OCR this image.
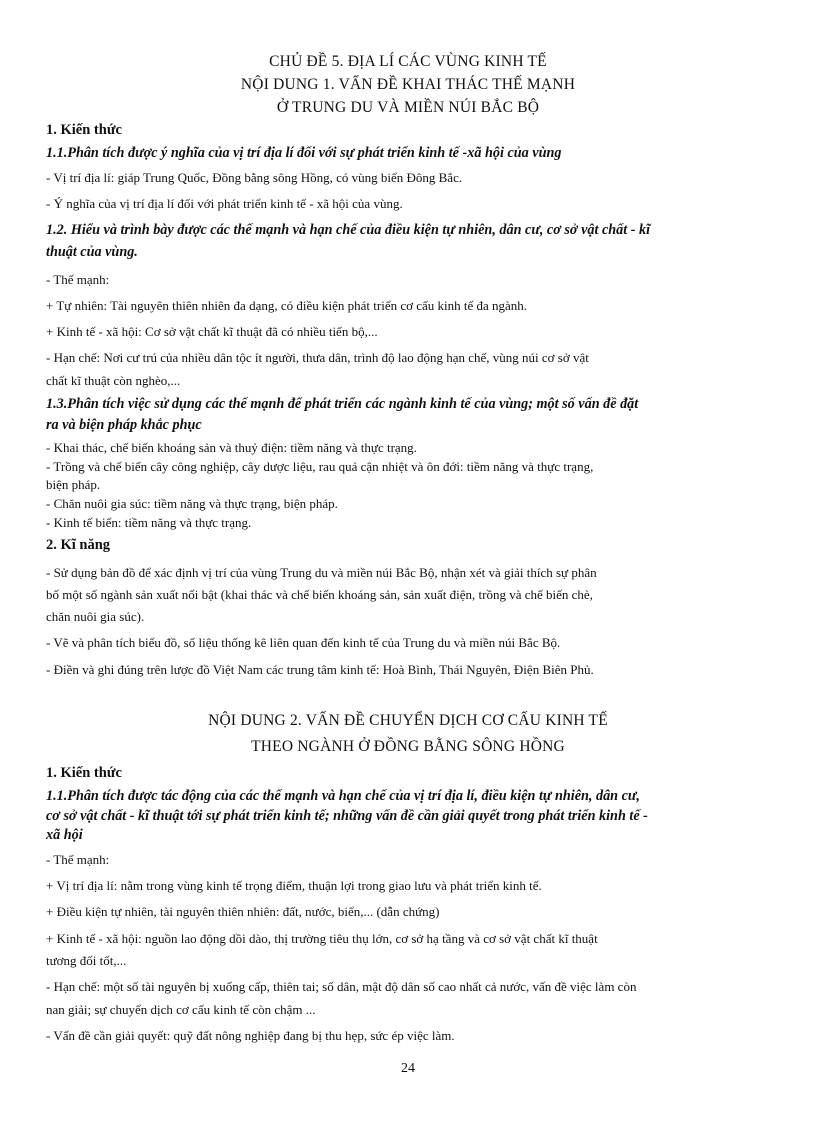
CHỦ ĐỀ 5. ĐỊA LÍ CÁC VÙNG KINH TẾ
NỘI DUNG 1. VẤN ĐỀ KHAI THÁC THẾ MẠNH
Ở TRUNG DU VÀ MIỀN NÚI BẮC BỘ
1. Kiến thức
1.1.Phân tích được ý nghĩa của vị trí địa lí đối với sự phát triển kinh tế -xã hội của vùng
- Vị trí địa lí: giáp Trung Quốc, Đồng bằng sông Hồng, có vùng biển Đông Bắc.
- Ý nghĩa của vị trí địa lí đối với phát triển kinh tế - xã hội của vùng.
1.2. Hiểu và trình bày được các thế mạnh và hạn chế của điều kiện tự nhiên, dân cư, cơ sở vật chất - kĩ
thuật của vùng.
- Thế mạnh:
+ Tự nhiên: Tài nguyên thiên nhiên đa dạng, có điều kiện phát triển cơ cấu kinh tế đa ngành.
+ Kinh tế - xã hội: Cơ sở vật chất kĩ thuật đã có nhiều tiến bộ,...
- Hạn chế: Nơi cư trú của nhiều dân tộc ít người, thưa dân, trình độ lao động hạn chế, vùng núi cơ sở vật
chất kĩ thuật còn nghèo,...
1.3.Phân tích việc sử dụng các thế mạnh để phát triển các ngành kinh tế của vùng; một số vấn đề đặt
ra và biện pháp khắc phục
- Khai thác, chế biến khoáng sản và thuỷ điện: tiềm năng và thực trạng.
- Trồng và chế biến cây công nghiệp, cây dược liệu, rau quả cận nhiệt và ôn đới: tiềm năng và thực trạng,
biện pháp.
- Chăn nuôi gia súc: tiềm năng và thực trạng, biện pháp.
- Kinh tế biển: tiềm năng và thực trạng.
2. Kĩ năng
- Sử dụng bản đồ để xác định vị trí của vùng Trung du và miền núi Bắc Bộ, nhận xét và giải thích sự phân
bố một số ngành sản xuất nổi bật (khai thác và chế biến khoáng sản, sản xuất điện, trồng và chế biến chè,
chăn nuôi gia súc).
- Vẽ và phân tích biểu đồ, số liệu thống kê liên quan đến kinh tế của Trung du và miền núi Bắc Bộ.
- Điền và ghi đúng trên lược đồ Việt Nam các trung tâm kinh tế: Hoà Bình, Thái Nguyên, Điện Biên Phủ.
NỘI DUNG 2. VẤN ĐỀ CHUYỂN DỊCH CƠ CẤU KINH TẾ
THEO NGÀNH Ở ĐỒNG BẰNG SÔNG HỒNG
1. Kiến thức
1.1.Phân tích được tác động của các thế mạnh và hạn chế của vị trí địa lí, điều kiện tự nhiên, dân cư,
cơ sở vật chất - kĩ thuật tới sự phát triển kinh tế; những vấn đề cần giải quyết trong phát triển kinh tế -
xã hội
- Thế mạnh:
+ Vị trí địa lí: nằm trong vùng kinh tế trọng điểm, thuận lợi trong giao lưu và phát triển kinh tế.
+ Điều kiện tự nhiên, tài nguyên thiên nhiên: đất, nước, biển,... (dẫn chứng)
+ Kinh tế - xã hội: nguồn lao động dồi dào, thị trường tiêu thụ lớn, cơ sở hạ tầng và cơ sở vật chất kĩ thuật
tương đối tốt,...
- Hạn chế: một số tài nguyên bị xuống cấp, thiên tai; số dân, mật độ dân số cao nhất cả nước, vấn đề việc làm còn
nan giải; sự chuyển dịch cơ cấu kinh tế còn chậm ...
- Vấn đề cần giải quyết: quỹ đất nông nghiệp đang bị thu hẹp, sức ép việc làm.
24
